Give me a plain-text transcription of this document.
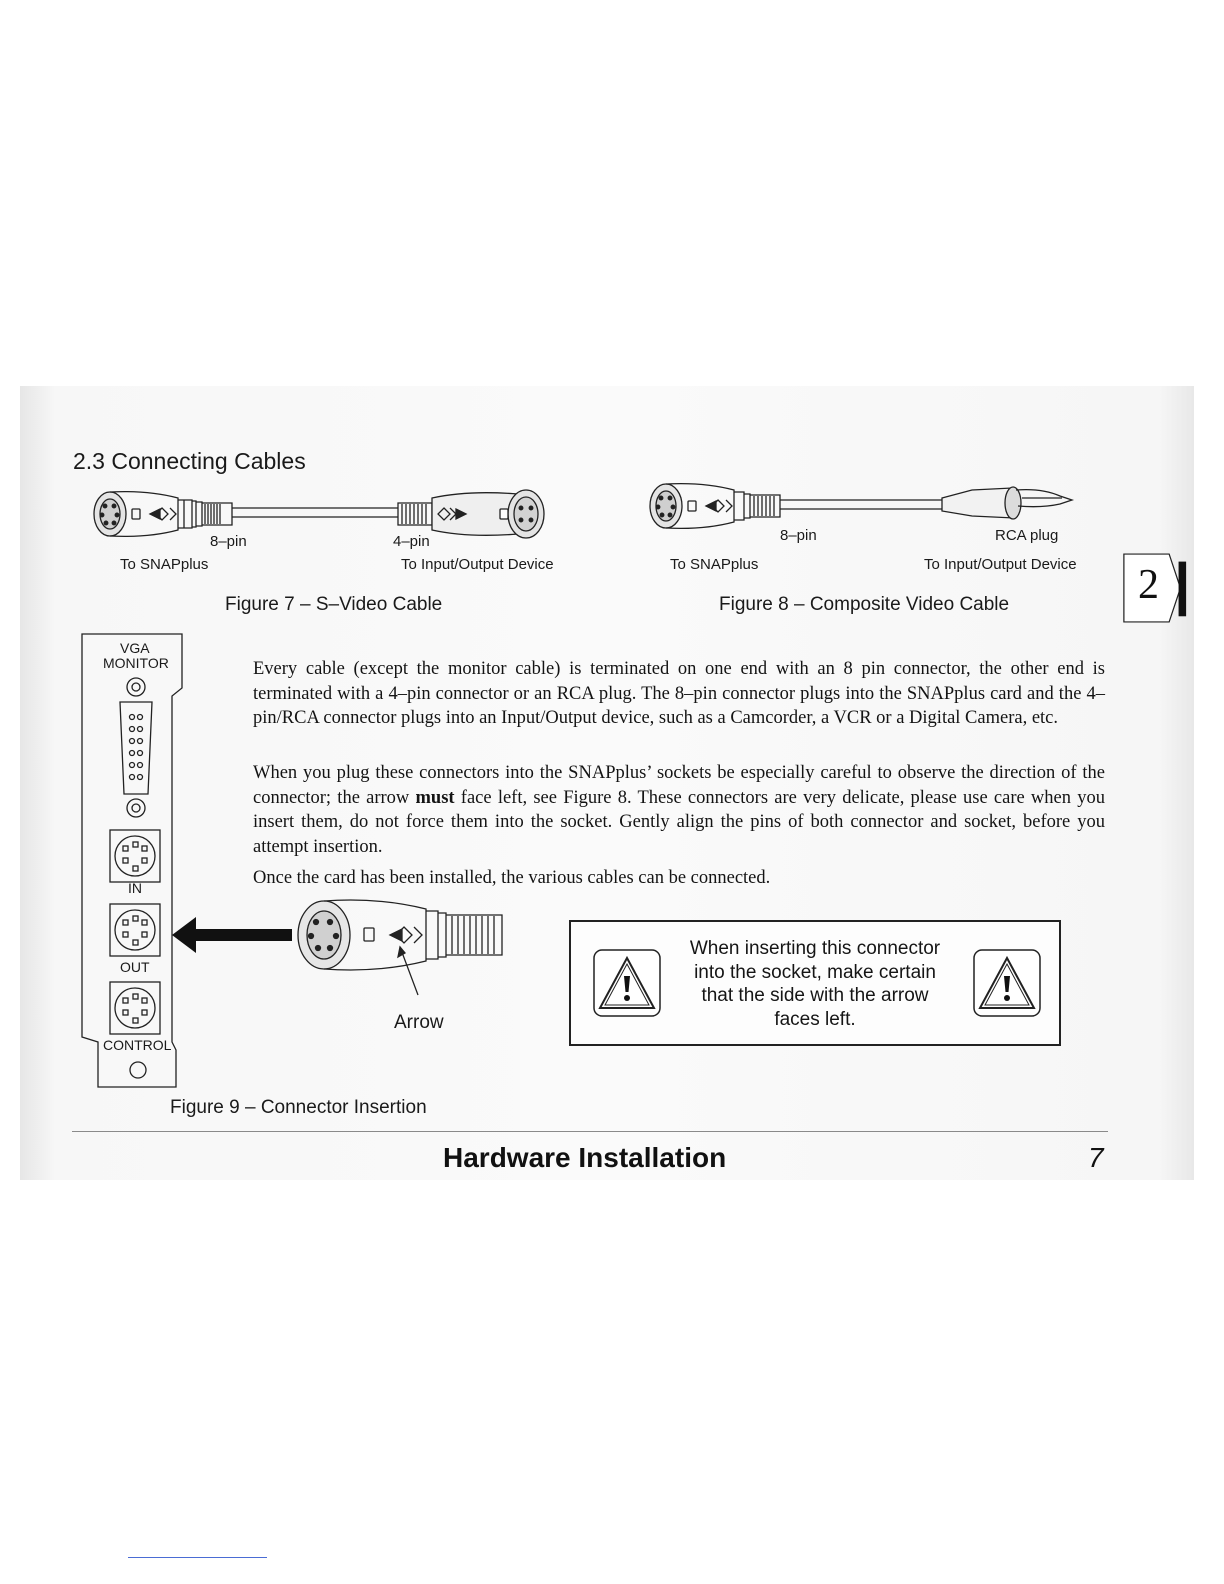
2.3 Connecting Cables
8–pin	4–pin
To SNAPplus	To Input/Output Device
Figure 7 – S–Video Cable
8–pin	RCA plug
To SNAPplus	To Input/Output Device
Figure 8 – Composite Video Cable	2
VGA
MONITOR
IN
OUT
CONTROL
Arrow
Figure 9 – Connector Insertion
Every cable (except the monitor cable) is terminated on one end with an 8 pin connector, the other end is terminated with a 4–pin connector or an RCA plug. The 8–pin connector plugs into the SNAPplus card and the 4–pin/RCA connector plugs into an Input/Output device, such as a Camcorder, a VCR or a Digital Camera, etc.
When you plug these connectors into the SNAPplus’ sockets be especially careful to observe the direction of the connector; the arrow must face left, see Figure 8. These connectors are very delicate, please use care when you insert them, do not force them into the socket. Gently align the pins of both connector and socket, before you attempt insertion.
Once the card has been installed, the various cables can be connected.
When inserting this connector
into the socket, make certain
that the side with the arrow
faces left.
Hardware Installation	7
